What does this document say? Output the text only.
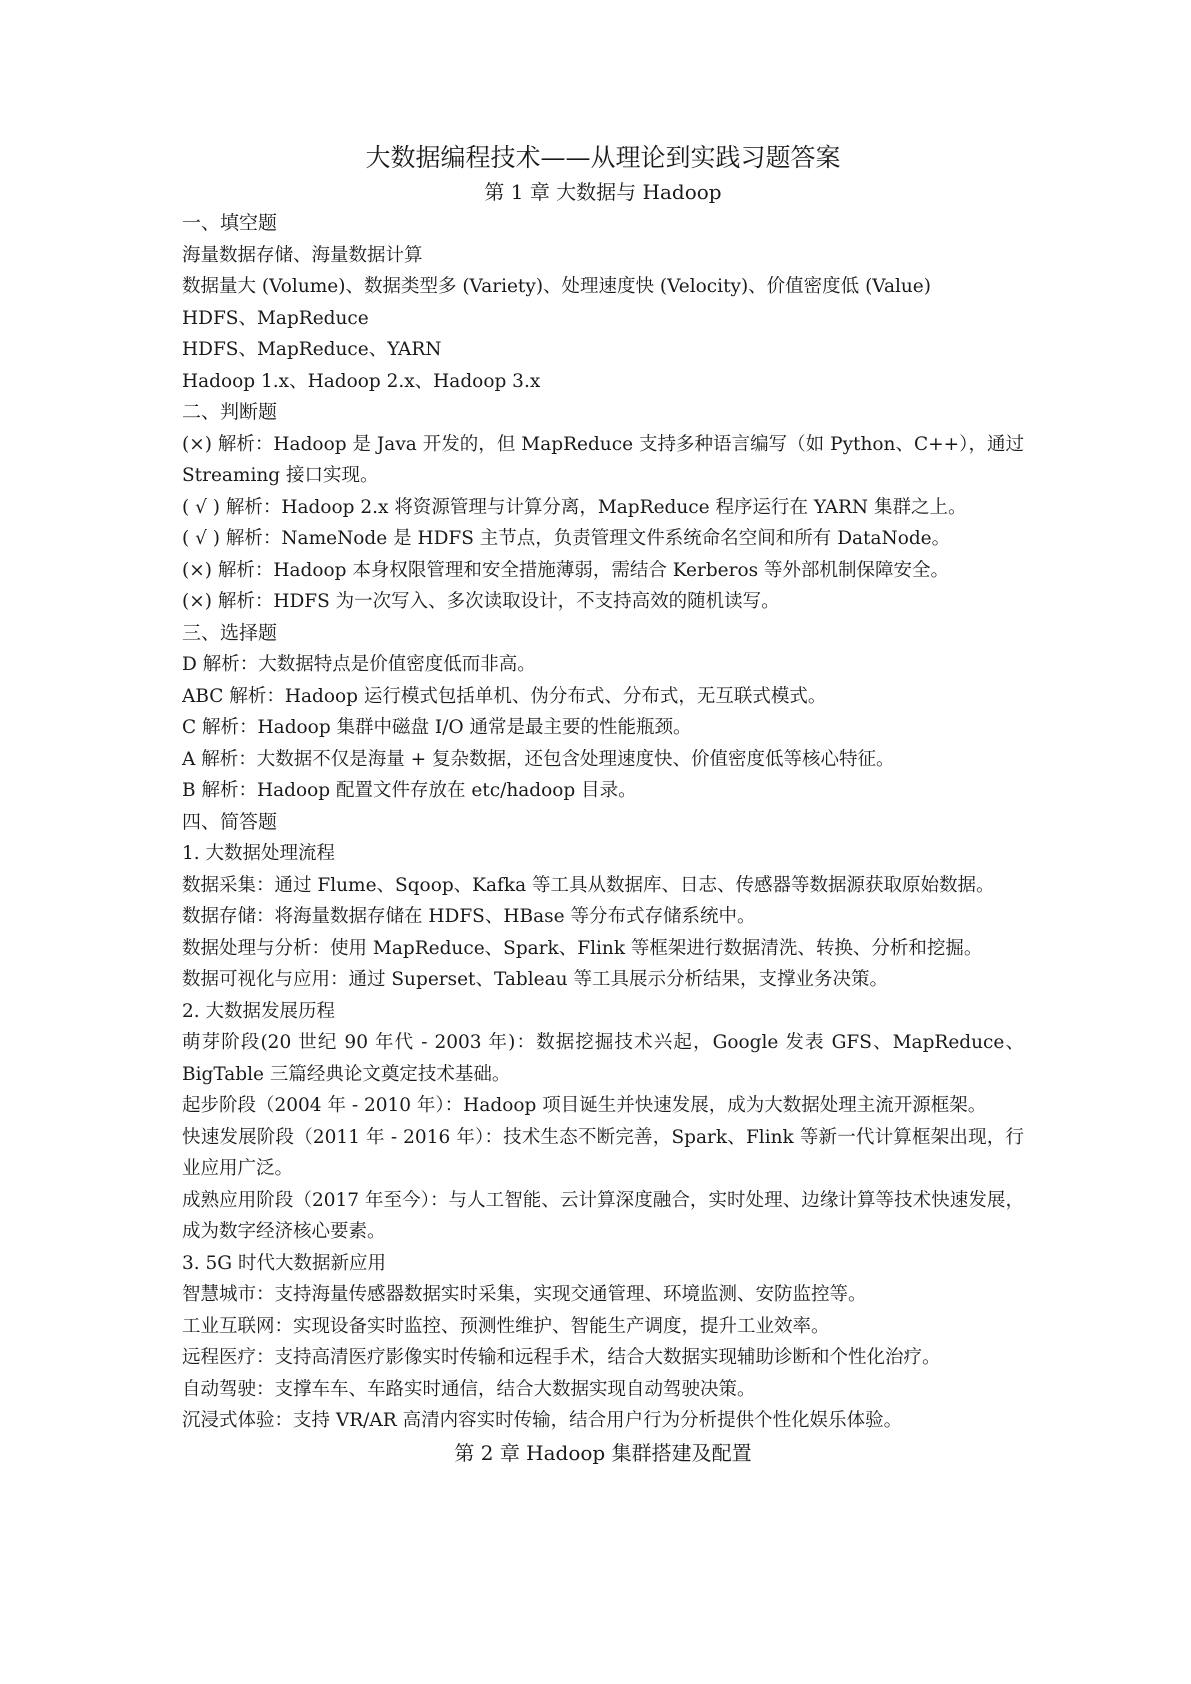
大数据编程技术——从理论到实践习题答案

第 1 章 大数据与 Hadoop

一、填空题

海量数据存储、海量数据计算

数据量大 (Volume)、数据类型多 (Variety)、处理速度快 (Velocity)、价值密度低 (Value)

HDFS、MapReduce

HDFS、MapReduce、YARN

Hadoop 1.x、Hadoop 2.x、Hadoop 3.x

二、判断题

(×) 解析：Hadoop 是 Java 开发的，但 MapReduce 支持多种语言编写（如 Python、C++），通过 Streaming 接口实现。

( √ ) 解析：Hadoop 2.x 将资源管理与计算分离，MapReduce 程序运行在 YARN 集群之上。

( √ ) 解析：NameNode 是 HDFS 主节点，负责管理文件系统命名空间和所有 DataNode。

(×) 解析：Hadoop 本身权限管理和安全措施薄弱，需结合 Kerberos 等外部机制保障安全。

(×) 解析：HDFS 为一次写入、多次读取设计，不支持高效的随机读写。

三、选择题

D 解析：大数据特点是价值密度低而非高。

ABC 解析：Hadoop 运行模式包括单机、伪分布式、分布式，无互联式模式。

C 解析：Hadoop 集群中磁盘 I/O 通常是最主要的性能瓶颈。

A 解析：大数据不仅是海量 + 复杂数据，还包含处理速度快、价值密度低等核心特征。

B 解析：Hadoop 配置文件存放在 etc/hadoop 目录。

四、简答题

1. 大数据处理流程

数据采集：通过 Flume、Sqoop、Kafka 等工具从数据库、日志、传感器等数据源获取原始数据。

数据存储：将海量数据存储在 HDFS、HBase 等分布式存储系统中。

数据处理与分析：使用 MapReduce、Spark、Flink 等框架进行数据清洗、转换、分析和挖掘。

数据可视化与应用：通过 Superset、Tableau 等工具展示分析结果，支撑业务决策。

2. 大数据发展历程

萌芽阶段(20 世纪 90 年代 - 2003 年)：数据挖掘技术兴起，Google 发表 GFS、MapReduce、BigTable 三篇经典论文奠定技术基础。

起步阶段（2004 年 - 2010 年）：Hadoop 项目诞生并快速发展，成为大数据处理主流开源框架。

快速发展阶段（2011 年 - 2016 年）：技术生态不断完善，Spark、Flink 等新一代计算框架出现，行业应用广泛。

成熟应用阶段（2017 年至今）：与人工智能、云计算深度融合，实时处理、边缘计算等技术快速发展，成为数字经济核心要素。

3. 5G 时代大数据新应用

智慧城市：支持海量传感器数据实时采集，实现交通管理、环境监测、安防监控等。

工业互联网：实现设备实时监控、预测性维护、智能生产调度，提升工业效率。

远程医疗：支持高清医疗影像实时传输和远程手术，结合大数据实现辅助诊断和个性化治疗。

自动驾驶：支撑车车、车路实时通信，结合大数据实现自动驾驶决策。

沉浸式体验：支持 VR/AR 高清内容实时传输，结合用户行为分析提供个性化娱乐体验。

第 2 章 Hadoop 集群搭建及配置
